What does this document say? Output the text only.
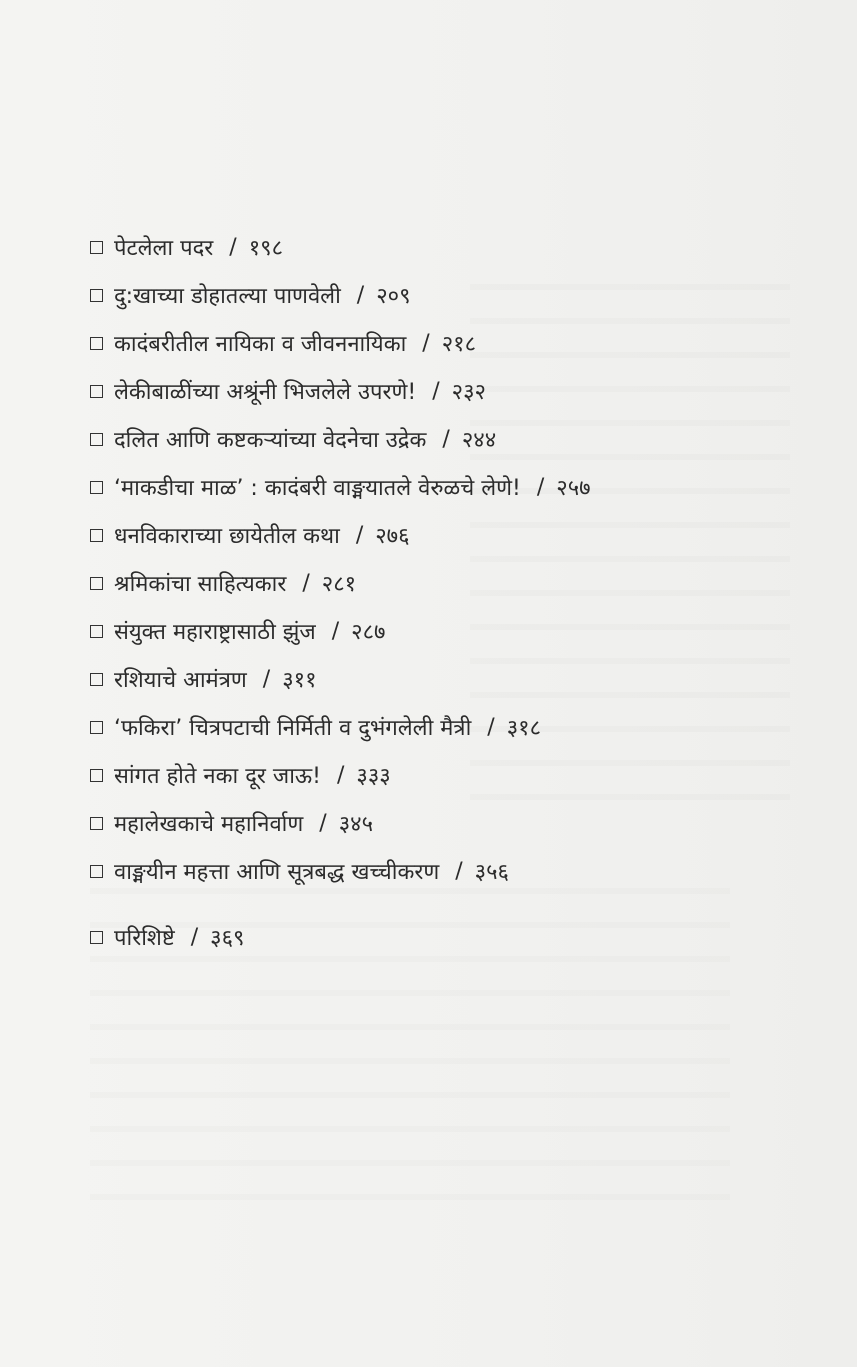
पेटलेला पदर / १९८
दु:खाच्या डोहातल्या पाणवेली / २०९
कादंबरीतील नायिका व जीवननायिका / २१८
लेकीबाळींच्या अश्रूंनी भिजलेले उपरणे! / २३२
दलित आणि कष्टकऱ्यांच्या वेदनेचा उद्रेक / २४४
‘माकडीचा माळ’ : कादंबरी वाङ्मयातले वेरुळचे लेणे! / २५७
धनविकाराच्या छायेतील कथा / २७६
श्रमिकांचा साहित्यकार / २८१
संयुक्त महाराष्ट्रासाठी झुंज / २८७
रशियाचे आमंत्रण / ३११
‘फकिरा’ चित्रपटाची निर्मिती व दुभंगलेली मैत्री / ३१८
सांगत होते नका दूर जाऊ! / ३३३
महालेखकाचे महानिर्वाण / ३४५
वाङ्मयीन महत्ता आणि सूत्रबद्ध खच्चीकरण / ३५६
परिशिष्टे / ३६९
